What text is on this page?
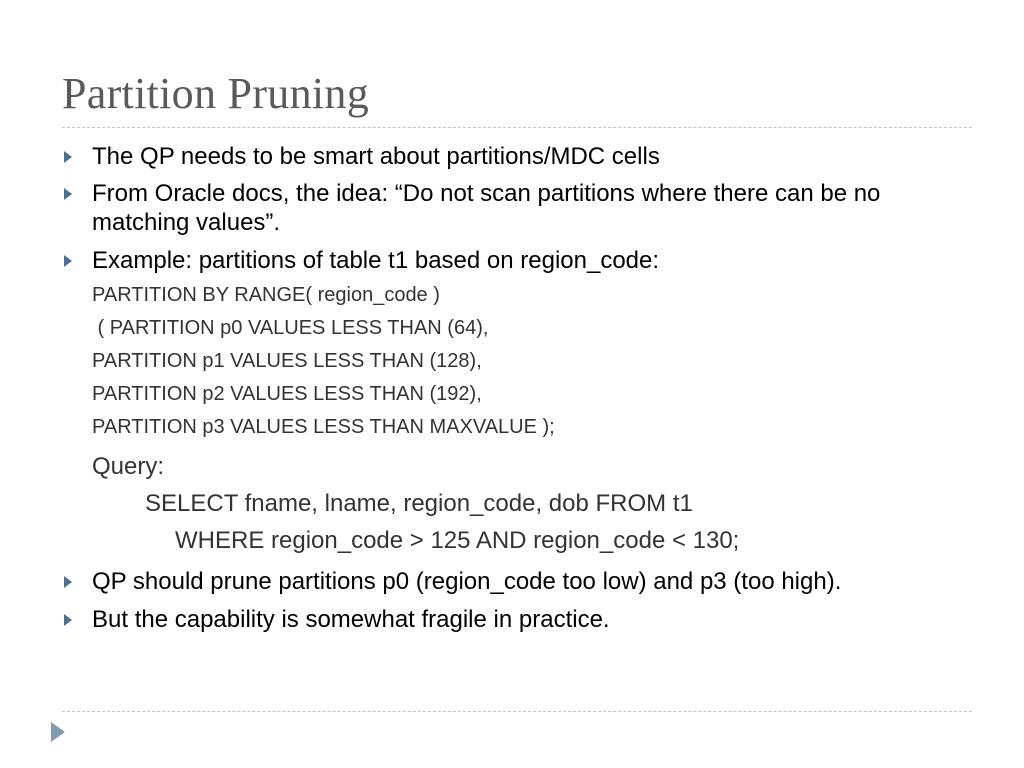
Partition Pruning
The QP needs to be smart about partitions/MDC cells
From Oracle docs, the idea: “Do not scan partitions where there can be no matching values”.
Example: partitions of table t1 based on region_code:
PARTITION BY RANGE( region_code )
( PARTITION p0 VALUES LESS THAN (64),
PARTITION p1 VALUES LESS THAN (128),
PARTITION p2 VALUES LESS THAN (192),
PARTITION p3 VALUES LESS THAN MAXVALUE );
Query:
SELECT fname, lname, region_code, dob FROM t1
WHERE region_code > 125 AND region_code < 130;
QP should prune partitions p0 (region_code too low) and p3 (too high).
But the capability is somewhat fragile in practice.
